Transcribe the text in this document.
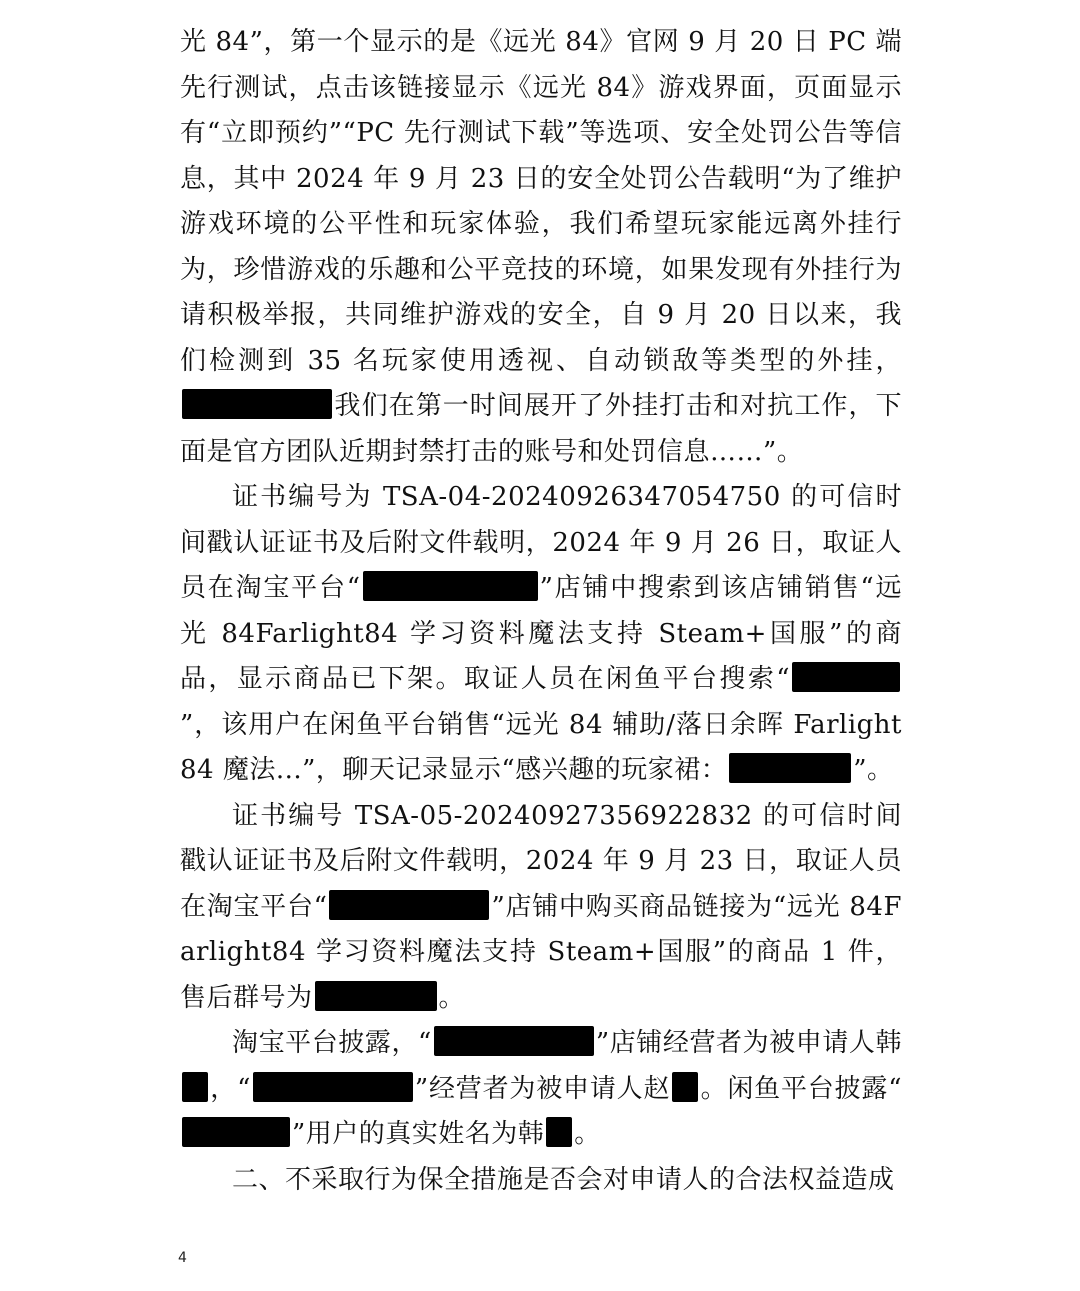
光 84”，第一个显示的是《远光 84》官网 9 月 20 日 PC 端先行测试，点击该链接显示《远光 84》游戏界面，页面显示有“立即预约”“PC 先行测试下载”等选项、安全处罚公告等信息，其中 2024 年 9 月 23 日的安全处罚公告载明“为了维护游戏环境的公平性和玩家体验，我们希望玩家能远离外挂行为，珍惜游戏的乐趣和公平竞技的环境，如果发现有外挂行为请积极举报，共同维护游戏的安全，自 9 月 20 日以来，我们检测到 35 名玩家使用透视、自动锁敌等类型的外挂，我们在第一时间展开了外挂打击和对抗工作，下面是官方团队近期封禁打击的账号和处罚信息……”。

证书编号为 TSA-04-20240926347054750 的可信时间戳认证证书及后附文件载明，2024 年 9 月 26 日，取证人员在淘宝平台“	”店铺中搜索到该店铺销售“远光 84Farlight84 学习资料魔法支持 Steam+国服”的商品，显示商品已下架。取证人员在闲鱼平台搜索“”，该用户在闲鱼平台销售“远光 84 辅助/落日余晖 Farlight84 魔法...”，聊天记录显示“感兴趣的玩家裙：	”。

证书编号 TSA-05-20240927356922832 的可信时间戳认证证书及后附文件载明，2024 年 9 月 23 日，取证人员在淘宝平台“	”店铺中购买商品链接为“远光 84Farlight84 学习资料魔法支持 Steam+国服”的商品 1 件，售后群号为	。

淘宝平台披露，“	”店铺经营者为被申请人韩，“	”经营者为被申请人赵 。闲鱼平台披露“”用户的真实姓名为韩 。

二、不采取行为保全措施是否会对申请人的合法权益造成

4
